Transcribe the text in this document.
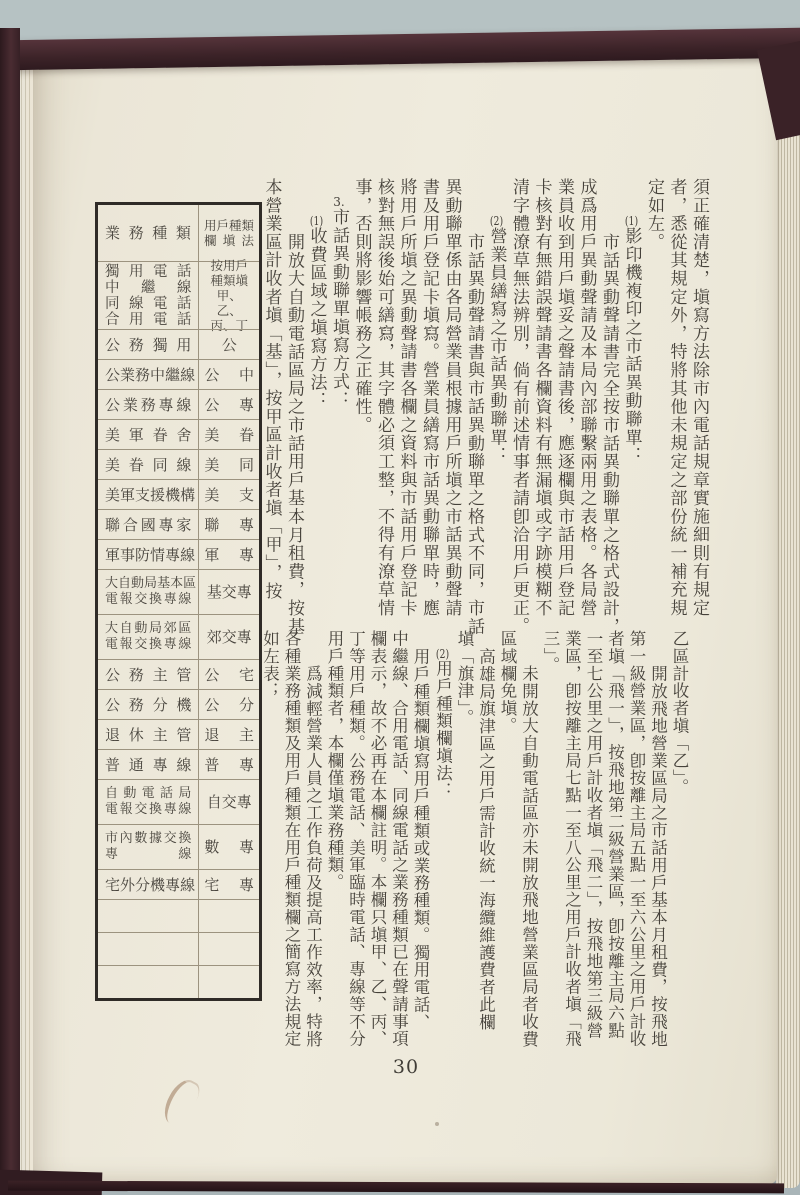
須正確清楚，塡寫方法除市內電話規章實施細則有規定
者，悉從其規定外，特將其他未規定之部份統一補充規
定如左。
(1)影印機複印之市話異動聯單：
市話異動聲請書完全按市話異動聯單之格式設計，
成爲用戶異動聲請及本局內部聯繫兩用之表格。各局營
業員收到用戶塡妥之聲請書後，應逐欄與市話用戶登記
卡核對有無錯誤聲請書各欄資料有無漏塡或字跡模糊不
清字體潦草無法辨別，倘有前述情事者請卽洽用戶更正。
(2)營業員繕寫之市話異動聯單：
市話異動聲請書與市話異動聯單之格式不同，市話
異動聯單係由各局營業員根據用戶所塡之市話異動聲請
書及用戶登記卡塡寫。營業員繕寫市話異動聯單時，應
將用戶所塡之異動聲請書各欄之資料與市話用戶登記卡
核對無誤後始可繕寫，其字體必須工整，不得有潦草情
事，否則將影響帳務之正確性。
3.市話異動聯單塡寫方式：
(1)收費區域之塡寫方法：
開放大自動電話區局之市話用戶基本月租費，按基
本營業區計收者塡「基」，按甲區計收者塡「甲」，按
乙區計收者塡「乙」。
開放飛地營業區局之市話用戶基本月租費，按飛地
第一級營業區，卽按離主局五點一至六公里之用戶計收
者塡「飛一」，按飛地第二級營業區，卽按離主局六點
一至七公里之用戶計收者塡「飛二」，按飛地第三級營
業區，卽按離主局七點一至八公里之用戶計收者塡「飛
三」。
未開放大自動電話區亦未開放飛地營業區局者收費
區域欄免塡。
高雄局旗津區之用戶需計收統一海纜維護費者此欄
塡「旗津」。
(2)用戶種類欄塡法：
用戶種類欄塡寫用戶種類或業務種類。獨用電話、
中繼線、合用電話、同線電話之業務種類已在聲請事項
欄表示，故不必再在本欄註明。本欄只塡甲、乙、丙、
丁等用戶種類。公務電話、美軍臨時電話、專線等不分
用戶種類者，本欄僅塡業務種類。
爲減輕營業人員之工作負荷及提高工作效率，特將
各種業務種類及用戶種類在用戶種類欄之簡寫方法規定
如左表；
業 務 種 類 用 戶 種 類
欄 塡 法
獨 用 電 話
中 繼 線
同 線 電 話
合 用 電 話
按用戶
種類塡
甲、乙、
丙、丁
公 務 獨 用	公
公 業 務 中 繼 線 公 中
公 業 務 專 線 公 專
美 軍 眷 舍 美 眷
美 眷 同 線 美 同
美 軍 支 援 機 構 美 支
聯 合 國 專 家 聯 專
軍 事 防 情 專 線 軍 專
大 自 動 局 基 本 區
電 報 交 換 專 線 基交專
大 自 動 局 郊 區
電 報 交 換 專 線 郊交專
公 務 主 管 公 宅
公 務 分 機 公 分
退 休 主 管 退 主
普 通 專 線 普 專
自 動 電 話 局
電 報 交 換 專 線 自交專
市 內 數 據 交 換
專	線 數 專
宅 外 分 機 專 線 宅 專
30
